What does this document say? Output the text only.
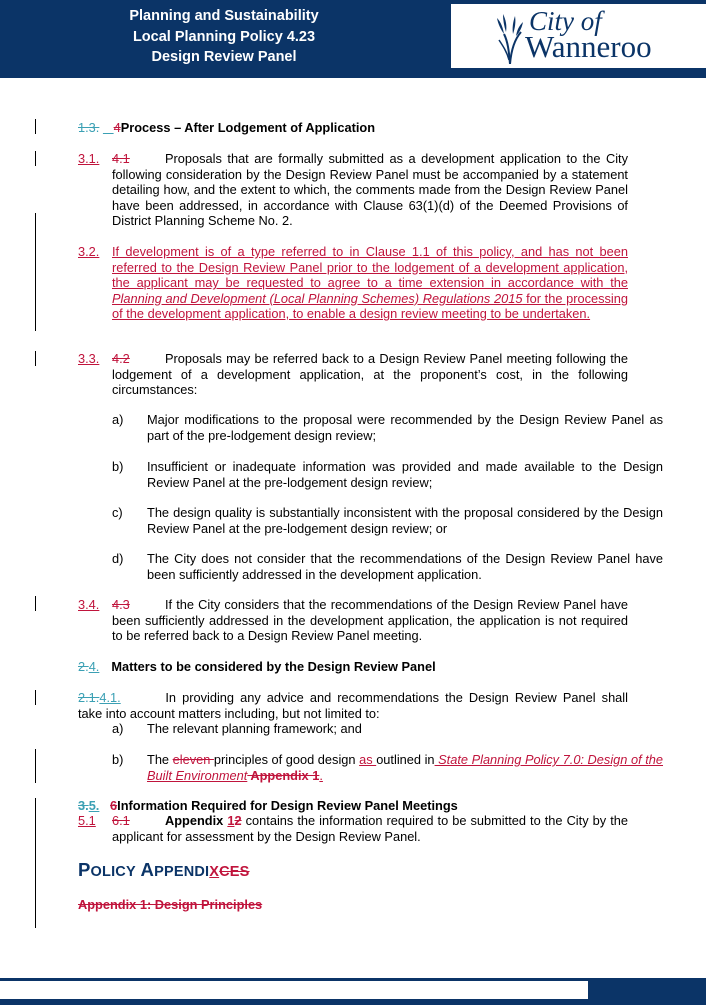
Planning and Sustainability
Local Planning Policy 4.23
Design Review Panel
City of
Wanneroo
1.3. 4Process – After Lodgement of Application
3.1. 4.1	Proposals that are formally submitted as a development application to the City following consideration by the Design Review Panel must be accompanied by a statement detailing how, and the extent to which, the comments made from the Design Review Panel have been addressed, in accordance with Clause 63(1)(d) of the Deemed Provisions of District Planning Scheme No. 2.
3.2. If development is of a type referred to in Clause 1.1 of this policy, and has not been referred to the Design Review Panel prior to the lodgement of a development application, the applicant may be requested to agree to a time extension in accordance with the Planning and Development (Local Planning Schemes) Regulations 2015 for the processing of the development application, to enable a design review meeting to be undertaken.
3.3. 4.2	Proposals may be referred back to a Design Review Panel meeting following the lodgement of a development application, at the proponent’s cost, in the following circumstances:
a) Major modifications to the proposal were recommended by the Design Review Panel as part of the pre-lodgement design review;
b) Insufficient or inadequate information was provided and made available to the Design Review Panel at the pre-lodgement design review;
c) The design quality is substantially inconsistent with the proposal considered by the Design Review Panel at the pre-lodgement design review; or
d) The City does not consider that the recommendations of the Design Review Panel have been sufficiently addressed in the development application.
3.4. 4.3	If the City considers that the recommendations of the Design Review Panel have been sufficiently addressed in the development application, the application is not required to be referred back to a Design Review Panel meeting.
2.4. Matters to be considered by the Design Review Panel
2.1.4.1.	In providing any advice and recommendations the Design Review Panel shall take into account matters including, but not limited to:
a) The relevant planning framework; and
b) The eleven principles of good design as outlined in State Planning Policy 7.0: Design of the Built Environment Appendix 1.
3.5. 6Information Required for Design Review Panel Meetings
5.1 6.1	Appendix 12 contains the information required to be submitted to the City by the applicant for assessment by the Design Review Panel.
POLICY APPENDIXCES
Appendix 1: Design Principles
